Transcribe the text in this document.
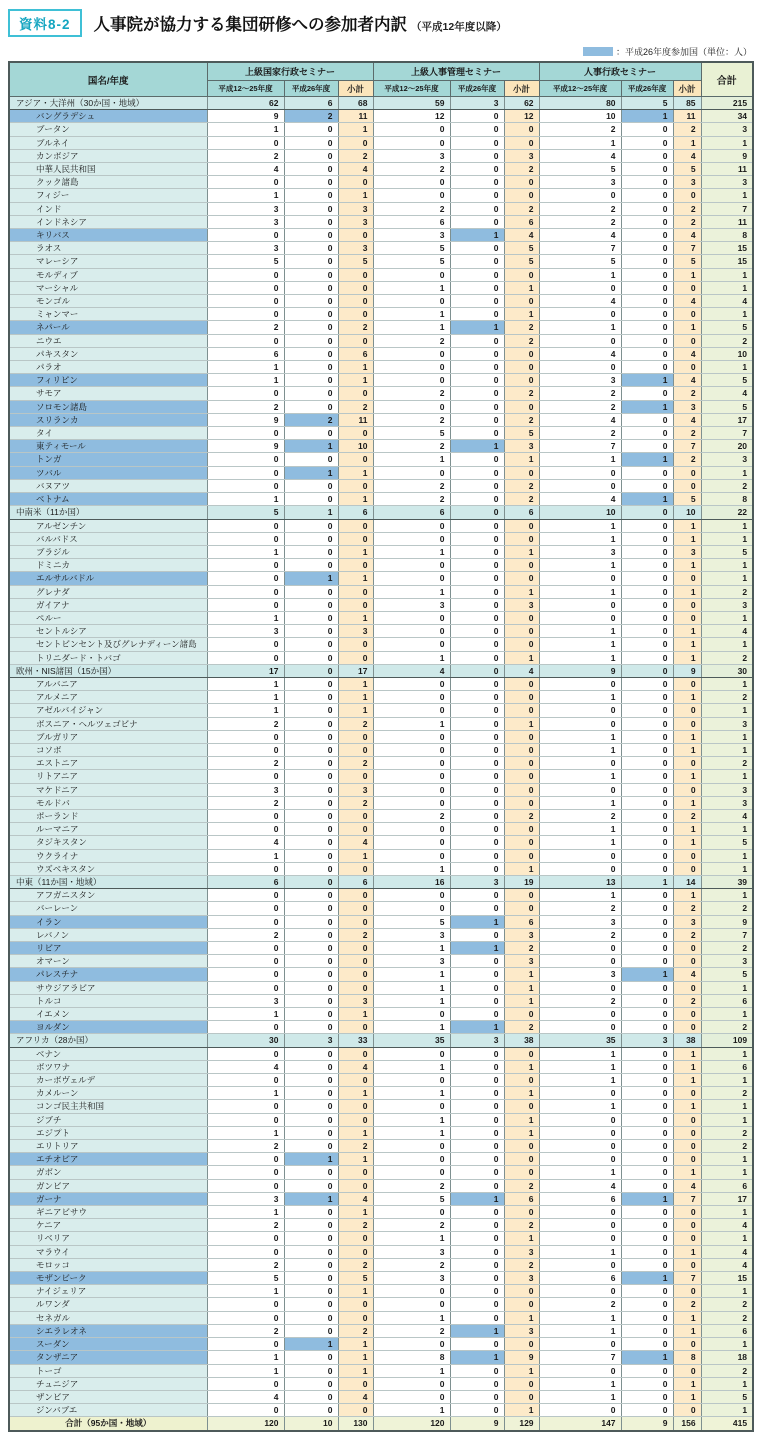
資料8-2	人事院が協力する集団研修への参加者内訳 （平成12年度以降）
：平成26年度参加国（単位：人）
国名/年度	上級国家行政セミナー			上級人事管理セミナー			人事行政セミナー			合計
	平成12～25年度	平成26年度	小計	平成12～25年度	平成26年度	小計	平成12～25年度	平成26年度	小計	
アジア・大洋州（30か国・地域）	62	6	68	59	3	62	80	5	85	215
バングラデシュ	9	2	11	12	0	12	10	1	11	34
ブータン	1	0	1	0	0	0	2	0	2	3
ブルネイ	0	0	0	0	0	0	1	0	1	1
カンボジア	2	0	2	3	0	3	4	0	4	9
中華人民共和国	4	0	4	2	0	2	5	0	5	11
クック諸島	0	0	0	0	0	0	3	0	3	3
フィジー	1	0	1	0	0	0	0	0	0	1
インド	3	0	3	2	0	2	2	0	2	7
インドネシア	3	0	3	6	0	6	2	0	2	11
キリバス	0	0	0	3	1	4	4	0	4	8
ラオス	3	0	3	5	0	5	7	0	7	15
マレーシア	5	0	5	5	0	5	5	0	5	15
モルディブ	0	0	0	0	0	0	1	0	1	1
マーシャル	0	0	0	1	0	1	0	0	0	1
モンゴル	0	0	0	0	0	0	4	0	4	4
ミャンマー	0	0	0	1	0	1	0	0	0	1
ネパール	2	0	2	1	1	2	1	0	1	5
ニウエ	0	0	0	2	0	2	0	0	0	2
パキスタン	6	0	6	0	0	0	4	0	4	10
パラオ	1	0	1	0	0	0	0	0	0	1
フィリピン	1	0	1	0	0	0	3	1	4	5
サモア	0	0	0	2	0	2	2	0	2	4
ソロモン諸島	2	0	2	0	0	0	2	1	3	5
スリランカ	9	2	11	2	0	2	4	0	4	17
タイ	0	0	0	5	0	5	2	0	2	7
東ティモール	9	1	10	2	1	3	7	0	7	20
トンガ	0	0	0	1	0	1	1	1	2	3
ツバル	0	1	1	0	0	0	0	0	0	1
バヌアツ	0	0	0	2	0	2	0	0	0	2
ベトナム	1	0	1	2	0	2	4	1	5	8
中南米（11か国）	5	1	6	6	0	6	10	0	10	22
アルゼンチン	0	0	0	0	0	0	1	0	1	1
バルバドス	0	0	0	0	0	0	1	0	1	1
ブラジル	1	0	1	1	0	1	3	0	3	5
ドミニカ	0	0	0	0	0	0	1	0	1	1
エルサルバドル	0	1	1	0	0	0	0	0	0	1
グレナダ	0	0	0	1	0	1	1	0	1	2
ガイアナ	0	0	0	3	0	3	0	0	0	3
ペルー	1	0	1	0	0	0	0	0	0	1
セントルシア	3	0	3	0	0	0	1	0	1	4
セントビンセント及びグレナディーン諸島	0	0	0	0	0	0	1	0	1	1
トリニダード・トバゴ	0	0	0	1	0	1	1	0	1	2
欧州・NIS諸国（15か国）	17	0	17	4	0	4	9	0	9	30
アルバニア	1	0	1	0	0	0	0	0	0	1
アルメニア	1	0	1	0	0	0	1	0	1	2
アゼルバイジャン	1	0	1	0	0	0	0	0	0	1
ボスニア・ヘルツェゴビナ	2	0	2	1	0	1	0	0	0	3
ブルガリア	0	0	0	0	0	0	1	0	1	1
コソボ	0	0	0	0	0	0	1	0	1	1
エストニア	2	0	2	0	0	0	0	0	0	2
リトアニア	0	0	0	0	0	0	1	0	1	1
マケドニア	3	0	3	0	0	0	0	0	0	3
モルドバ	2	0	2	0	0	0	1	0	1	3
ポーランド	0	0	0	2	0	2	2	0	2	4
ルーマニア	0	0	0	0	0	0	1	0	1	1
タジキスタン	4	0	4	0	0	0	1	0	1	5
ウクライナ	1	0	1	0	0	0	0	0	0	1
ウズベキスタン	0	0	0	1	0	1	0	0	0	1
中東（11か国・地域）	6	0	6	16	3	19	13	1	14	39
アフガニスタン	0	0	0	0	0	0	1	0	1	1
バーレーン	0	0	0	0	0	0	2	0	2	2
イラン	0	0	0	5	1	6	3	0	3	9
レバノン	2	0	2	3	0	3	2	0	2	7
リビア	0	0	0	1	1	2	0	0	0	2
オマーン	0	0	0	3	0	3	0	0	0	3
パレスチナ	0	0	0	1	0	1	3	1	4	5
サウジアラビア	0	0	0	1	0	1	0	0	0	1
トルコ	3	0	3	1	0	1	2	0	2	6
イエメン	1	0	1	0	0	0	0	0	0	1
ヨルダン	0	0	0	1	1	2	0	0	0	2
アフリカ（28か国）	30	3	33	35	3	38	35	3	38	109
ベナン	0	0	0	0	0	0	1	0	1	1
ボツワナ	4	0	4	1	0	1	1	0	1	6
カーボヴェルデ	0	0	0	0	0	0	1	0	1	1
カメルーン	1	0	1	1	0	1	0	0	0	2
コンゴ民主共和国	0	0	0	0	0	0	1	0	1	1
ジブチ	0	0	0	1	0	1	0	0	0	1
エジプト	1	0	1	1	0	1	0	0	0	2
エリトリア	2	0	2	0	0	0	0	0	0	2
エチオピア	0	1	1	0	0	0	0	0	0	1
ガボン	0	0	0	0	0	0	1	0	1	1
ガンビア	0	0	0	2	0	2	4	0	4	6
ガーナ	3	1	4	5	1	6	6	1	7	17
ギニアビサウ	1	0	1	0	0	0	0	0	0	1
ケニア	2	0	2	2	0	2	0	0	0	4
リベリア	0	0	0	1	0	1	0	0	0	1
マラウイ	0	0	0	3	0	3	1	0	1	4
モロッコ	2	0	2	2	0	2	0	0	0	4
モザンビーク	5	0	5	3	0	3	6	1	7	15
ナイジェリア	1	0	1	0	0	0	0	0	0	1
ルワンダ	0	0	0	0	0	0	2	0	2	2
セネガル	0	0	0	1	0	1	1	0	1	2
シエラレオネ	2	0	2	2	1	3	1	0	1	6
スーダン	0	1	1	0	0	0	0	0	0	1
タンザニア	1	0	1	8	1	9	7	1	8	18
トーゴ	1	0	1	1	0	1	0	0	0	2
チュニジア	0	0	0	0	0	0	1	0	1	1
ザンビア	4	0	4	0	0	0	1	0	1	5
ジンバブエ	0	0	0	1	0	1	0	0	0	1
合計（95か国・地域）	120	10	130	120	9	129	147	9	156	415
